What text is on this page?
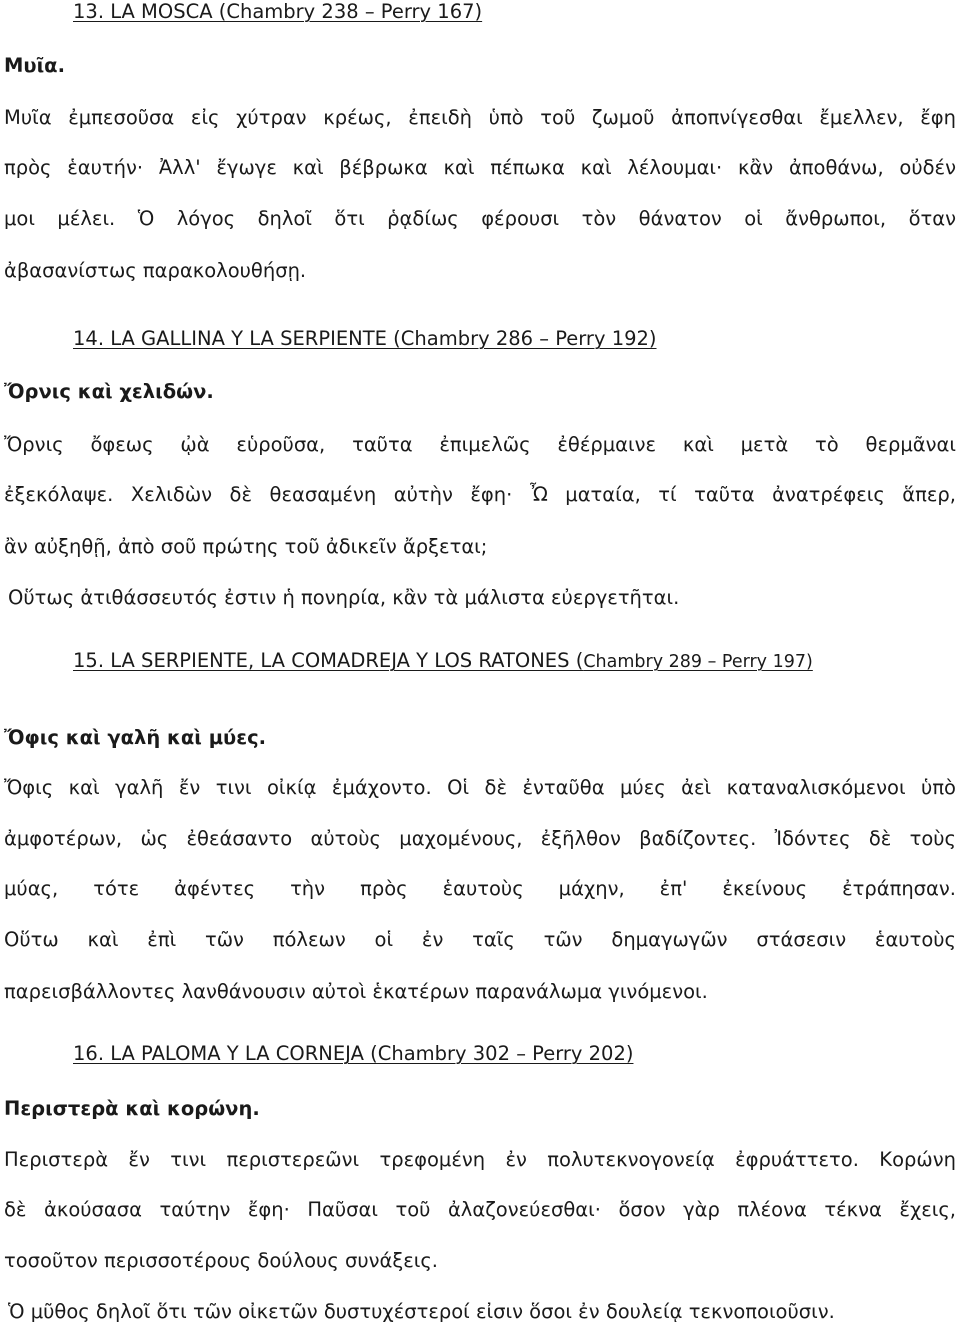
13. LA MOSCA (Chambry 238 – Perry 167)
Μυῖα.
Μυῖα ἐμπεσοῦσα εἰς χύτραν κρέως, ἐπειδὴ ὑπὸ τοῦ ζωμοῦ ἀποπνίγεσθαι ἔμελλεν, ἔφη
πρὸς ἑαυτήν· Ἀλλ' ἔγωγε καὶ βέβρωκα καὶ πέπωκα καὶ λέλουμαι· κἂν ἀποθάνω, οὐδέν
μοι μέλει. Ὁ λόγος δηλοῖ ὅτι ῥᾳδίως φέρουσι τὸν θάνατον οἱ ἄνθρωποι, ὅταν
ἀβασανίστως παρακολουθήσῃ.
14. LA GALLINA Y LA SERPIENTE (Chambry 286 – Perry 192)
Ὄρνις καὶ χελιδών.
Ὄρνις ὄφεως ᾠὰ εὑροῦσα, ταῦτα ἐπιμελῶς ἐθέρμαινε καὶ μετὰ τὸ θερμᾶναι
ἐξεκόλαψε. Χελιδὼν δὲ θεασαμένη αὐτὴν ἔφη· Ὦ ματαία, τί ταῦτα ἀνατρέφεις ἅπερ,
ἂν αὐξηθῇ, ἀπὸ σοῦ πρώτης τοῦ ἀδικεῖν ἄρξεται;
Οὕτως ἀτιθάσσευτός ἐστιν ἡ πονηρία, κἂν τὰ μάλιστα εὐεργετῆται.
15. LA SERPIENTE, LA COMADREJA Y LOS RATONES (Chambry 289 – Perry 197)
Ὄφις καὶ γαλῆ καὶ μύες.
Ὄφις καὶ γαλῆ ἔν τινι οἰκίᾳ ἐμάχοντο. Οἱ δὲ ἐνταῦθα μύες ἀεὶ καταναλισκόμενοι ὑπὸ
ἀμφοτέρων, ὡς ἐθεάσαντο αὐτοὺς μαχομένους, ἐξῆλθον βαδίζοντες. Ἰδόντες δὲ τοὺς
μύας, τότε ἀφέντες τὴν πρὸς ἑαυτοὺς μάχην, ἐπ' ἐκείνους ἐτράπησαν.
Οὕτω καὶ ἐπὶ τῶν πόλεων οἱ ἐν ταῖς τῶν δημαγωγῶν στάσεσιν ἑαυτοὺς
παρεισβάλλοντες λανθάνουσιν αὐτοὶ ἑκατέρων παρανάλωμα γινόμενοι.
16. LA PALOMA Y LA CORNEJA (Chambry 302 – Perry 202)
Περιστερὰ καὶ κορώνη.
Περιστερὰ ἔν τινι περιστερεῶνι τρεφομένη ἐν πολυτεκνογονείᾳ ἐφρυάττετο. Κορώνη
δὲ ἀκούσασα ταύτην ἔφη· Παῦσαι τοῦ ἀλαζονεύεσθαι· ὅσον γὰρ πλέονα τέκνα ἔχεις,
τοσοῦτον περισσοτέρους δούλους συνάξεις.
Ὁ μῦθος δηλοῖ ὅτι τῶν οἰκετῶν δυστυχέστεροί εἰσιν ὅσοι ἐν δουλείᾳ τεκνοποιοῦσιν.
